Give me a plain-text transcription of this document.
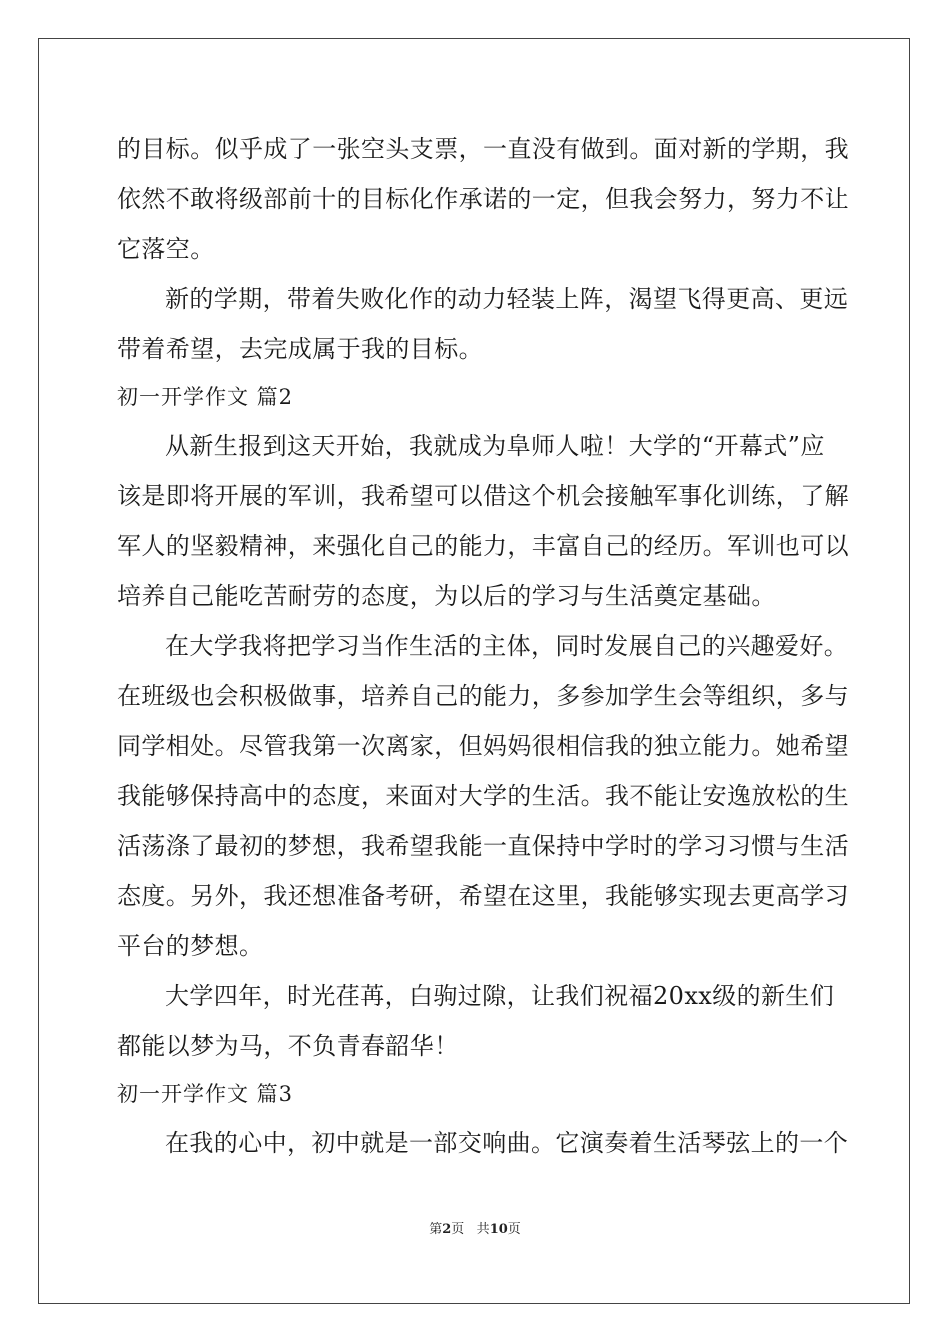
的目标。似乎成了一张空头支票，一直没有做到。面对新的学期，我
依然不敢将级部前十的目标化作承诺的一定，但我会努力，努力不让
它落空。
新的学期，带着失败化作的动力轻装上阵，渴望飞得更高、更远
带着希望，去完成属于我的目标。
初一开学作文 篇2
从新生报到这天开始，我就成为阜师人啦！大学的“开幕式”应
该是即将开展的军训，我希望可以借这个机会接触军事化训练，了解
军人的坚毅精神，来强化自己的能力，丰富自己的经历。军训也可以
培养自己能吃苦耐劳的态度，为以后的学习与生活奠定基础。
在大学我将把学习当作生活的主体，同时发展自己的兴趣爱好。
在班级也会积极做事，培养自己的能力，多参加学生会等组织，多与
同学相处。尽管我第一次离家，但妈妈很相信我的独立能力。她希望
我能够保持高中的态度，来面对大学的生活。我不能让安逸放松的生
活荡涤了最初的梦想，我希望我能一直保持中学时的学习习惯与生活
态度。另外，我还想准备考研，希望在这里，我能够实现去更高学习
平台的梦想。
大学四年，时光荏苒，白驹过隙，让我们祝福20xx级的新生们
都能以梦为马，不负青春韶华！
初一开学作文 篇3
在我的心中，初中就是一部交响曲。它演奏着生活琴弦上的一个
第2页 共10页
